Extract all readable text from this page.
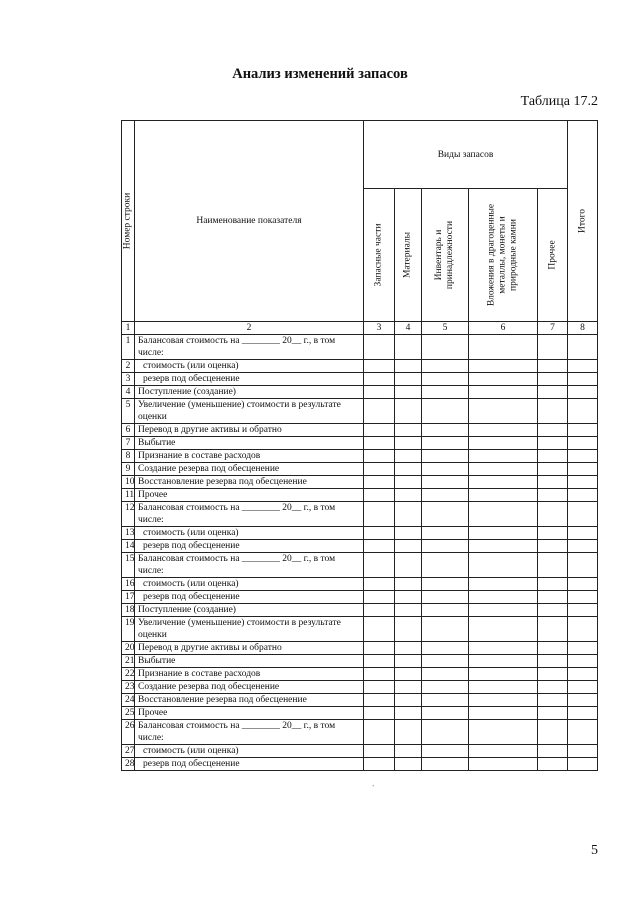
Анализ изменений запасов
Таблица 17.2
Номер строки	Наименование показателя	Виды запасов					Итого

		Запасные части	Материалы	Инвентарь и принадлежности	Вложения в драгоценные металлы, монеты и природные камни	Прочее	

1	2	3	4	5	6	7	8
1	Балансовая стоимость на ________ 20__ г., в том числе:						
2	стоимость (или оценка)						
3	резерв под обесценение						
4	Поступление (создание)						
5	Увеличение (уменьшение) стоимости в результате оценки						
6	Перевод в другие активы и обратно						
7	Выбытие						
8	Признание в составе расходов						
9	Создание резерва под обесценение						
10	Восстановление резерва под обесценение						
11	Прочее						
12	Балансовая стоимость на ________ 20__ г., в том числе:						
13	стоимость (или оценка)						
14	резерв под обесценение						
15	Балансовая стоимость на ________ 20__ г., в том числе:						
16	стоимость (или оценка)						
17	резерв под обесценение						
18	Поступление (создание)						
19	Увеличение (уменьшение) стоимости в результате оценки						
20	Перевод в другие активы и обратно						
21	Выбытие						
22	Признание в составе расходов						
23	Создание резерва под обесценение						
24	Восстановление резерва под обесценение						
25	Прочее						
26	Балансовая стоимость на ________ 20__ г., в том числе:						
27	стоимость (или оценка)						
28	резерв под обесценение						
`
5
